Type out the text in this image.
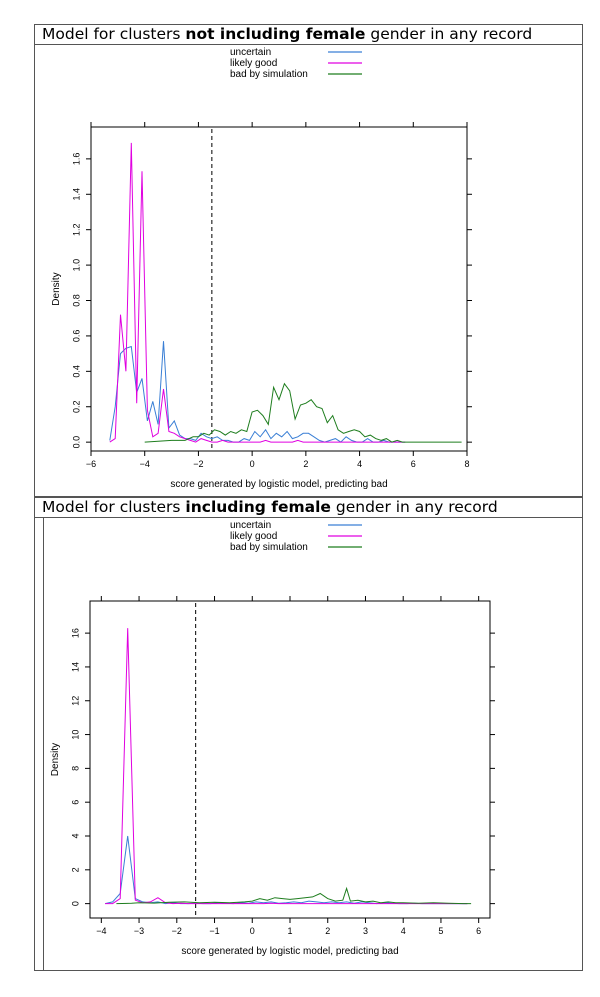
Model for clusters not including female gender in any record
uncertain
likely good
bad by simulation
−6	−4	−2	0	2	4	6	8
0.0
0.2
0.4
0.6
0.8
1.0
1.2
1.4
1.6
score generated by logistic model, predicting bad
Density
Model for clusters including female gender in any record
uncertain
likely good
bad by simulation
−4	−3	−2	−1	0	1	2	3	4	5	6
0
2
4
6
8
10
12
14
16
score generated by logistic model, predicting bad
Density
